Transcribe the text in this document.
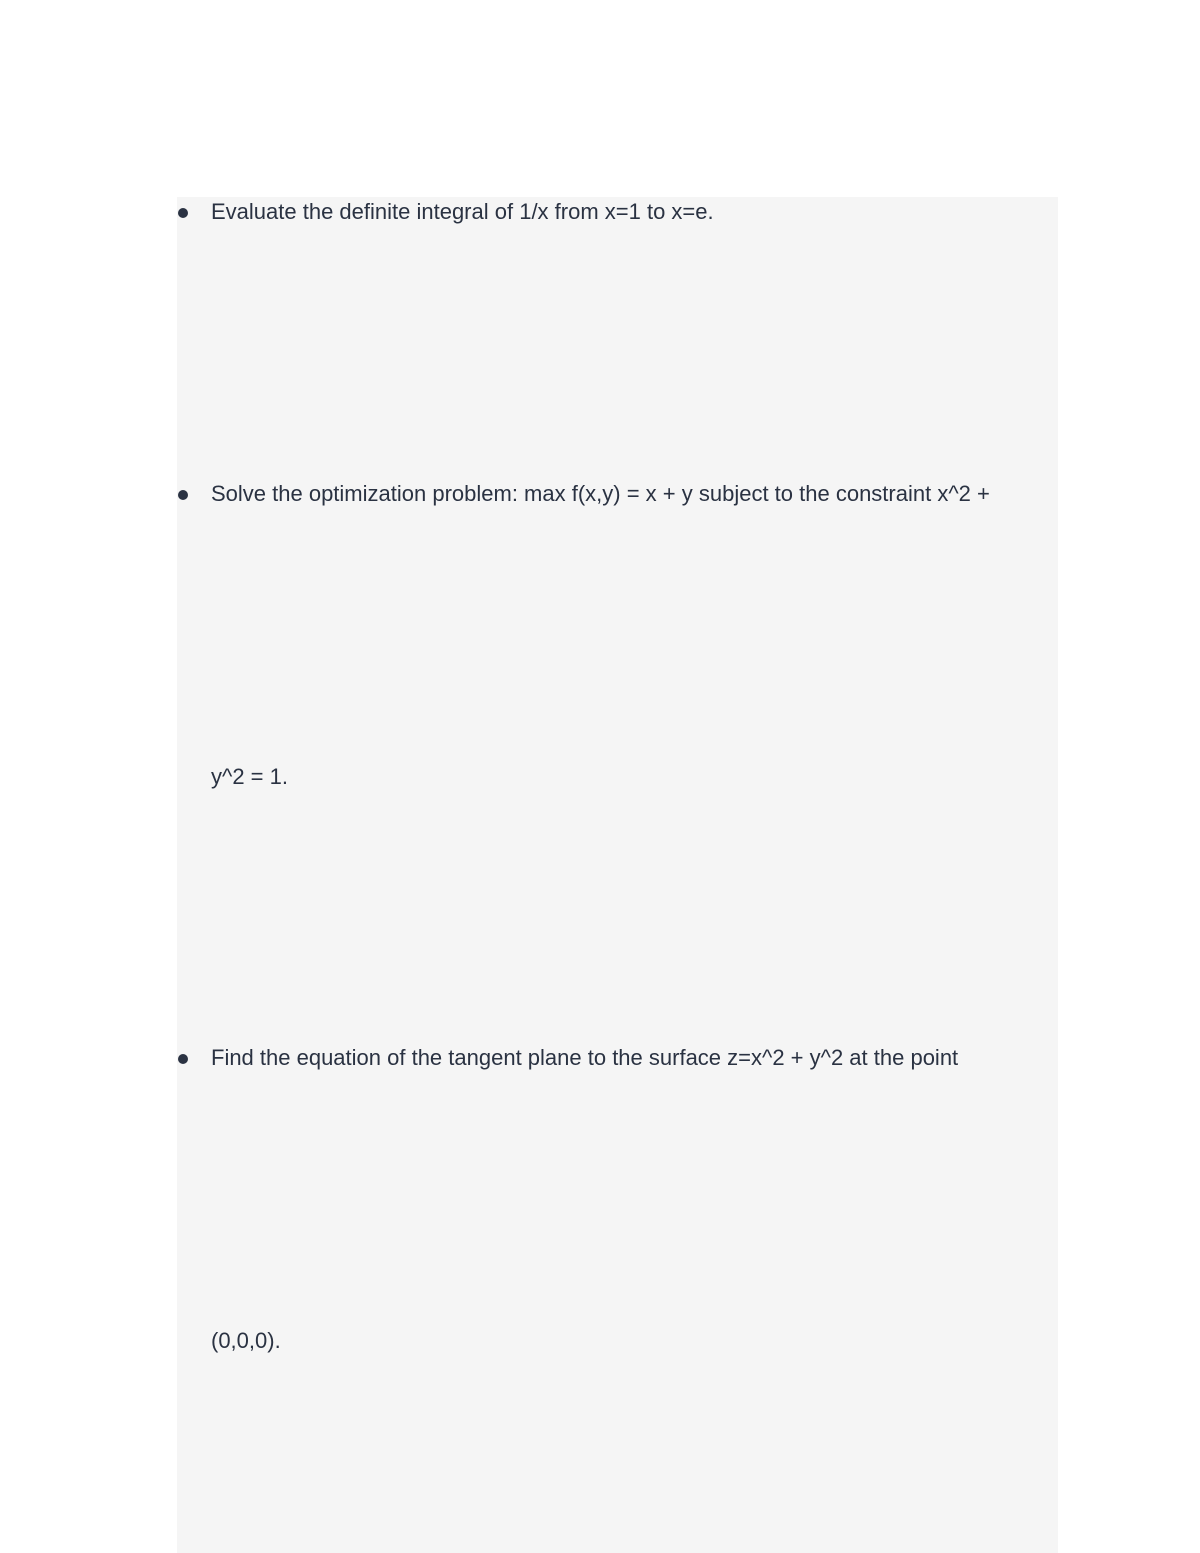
Evaluate the definite integral of 1/x from x=1 to x=e.
Solve the optimization problem: max f(x,y) = x + y subject to the constraint x^2 +
y^2 = 1.
Find the equation of the tangent plane to the surface z=x^2 + y^2 at the point
(0,0,0).
